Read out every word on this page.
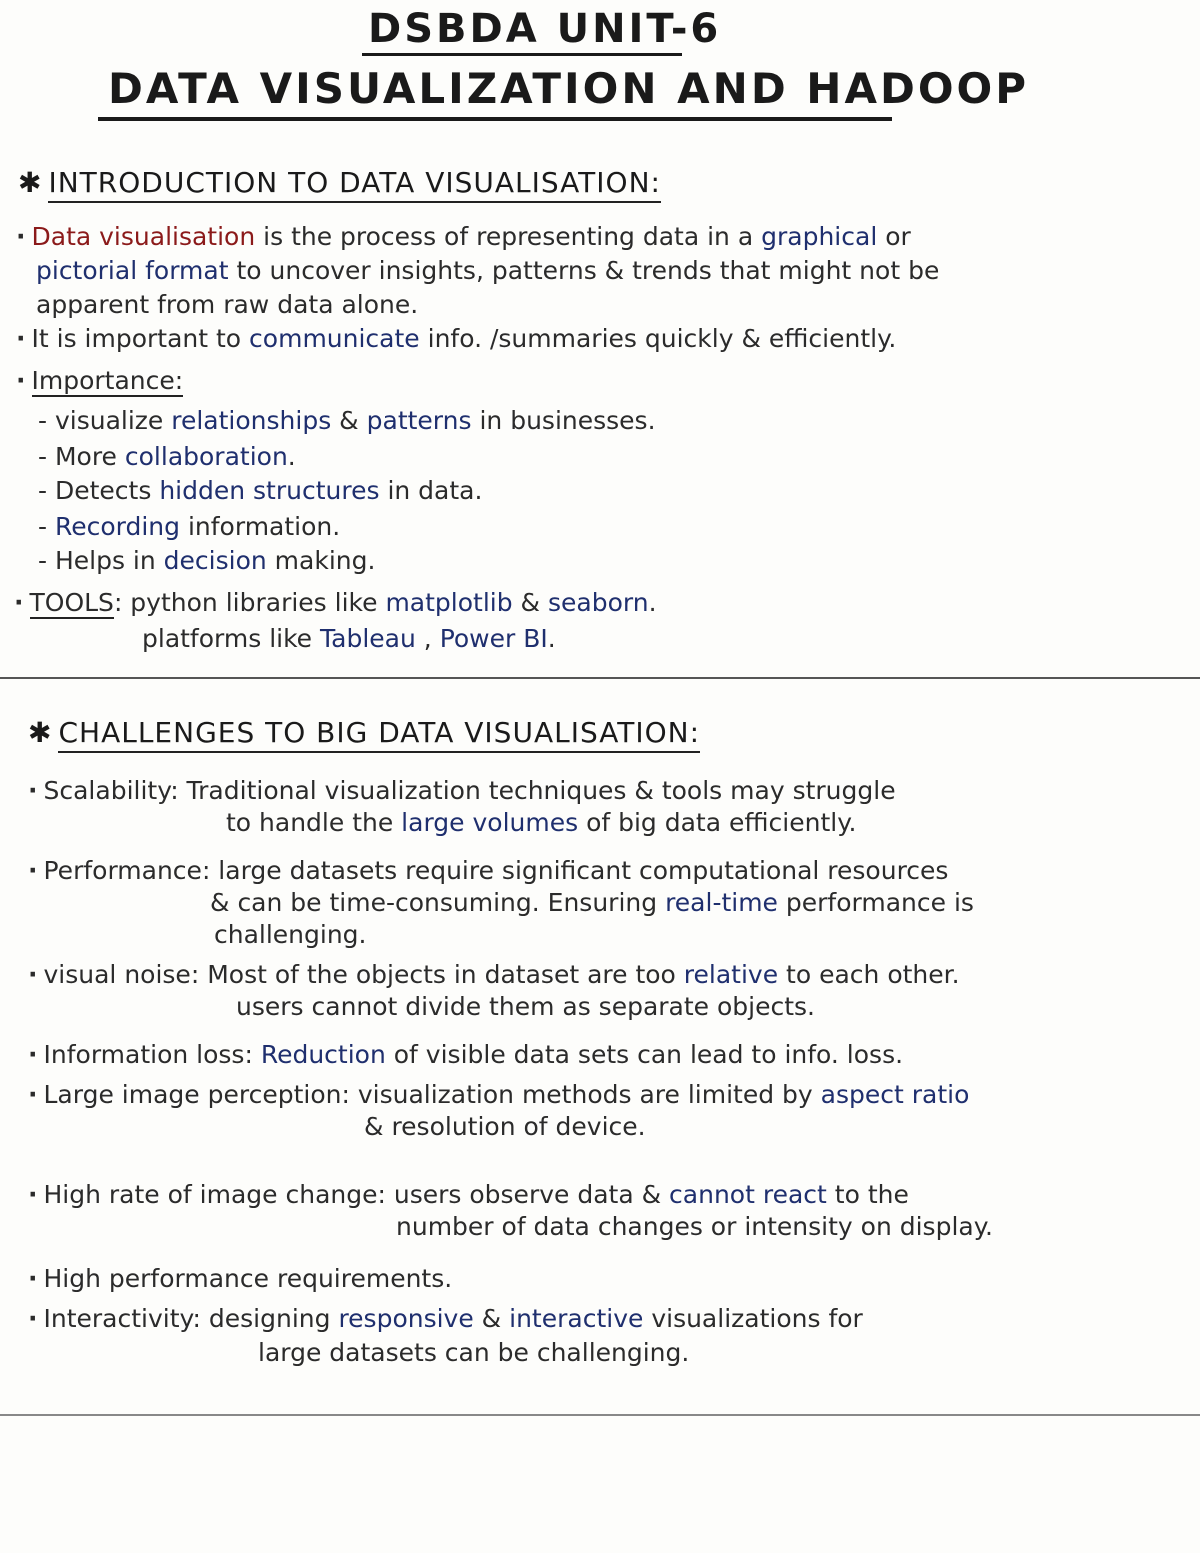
DSBDA UNIT-6
DATA VISUALIZATION AND HADOOP
✱ INTRODUCTION TO DATA VISUALISATION:
· Data visualisation is the process of representing data in a graphical or
pictorial format to uncover insights, patterns & trends that might not be
apparent from raw data alone.
· It is important to communicate info. /summaries quickly & efficiently.
· Importance:
- visualize relationships & patterns in businesses.
- More collaboration.
- Detects hidden structures in data.
- Recording information.
- Helps in decision making.
· TOOLS: python libraries like matplotlib & seaborn.
platforms like Tableau , Power BI.
✱ CHALLENGES TO BIG DATA VISUALISATION:
· Scalability: Traditional visualization techniques & tools may struggle
to handle the large volumes of big data efficiently.
· Performance: large datasets require significant computational resources
& can be time-consuming. Ensuring real-time performance is
challenging.
· visual noise: Most of the objects in dataset are too relative to each other.
users cannot divide them as separate objects.
· Information loss: Reduction of visible data sets can lead to info. loss.
· Large image perception: visualization methods are limited by aspect ratio
& resolution of device.
· High rate of image change: users observe data & cannot react to the
number of data changes or intensity on display.
· High performance requirements.
· Interactivity: designing responsive & interactive visualizations for
large datasets can be challenging.
